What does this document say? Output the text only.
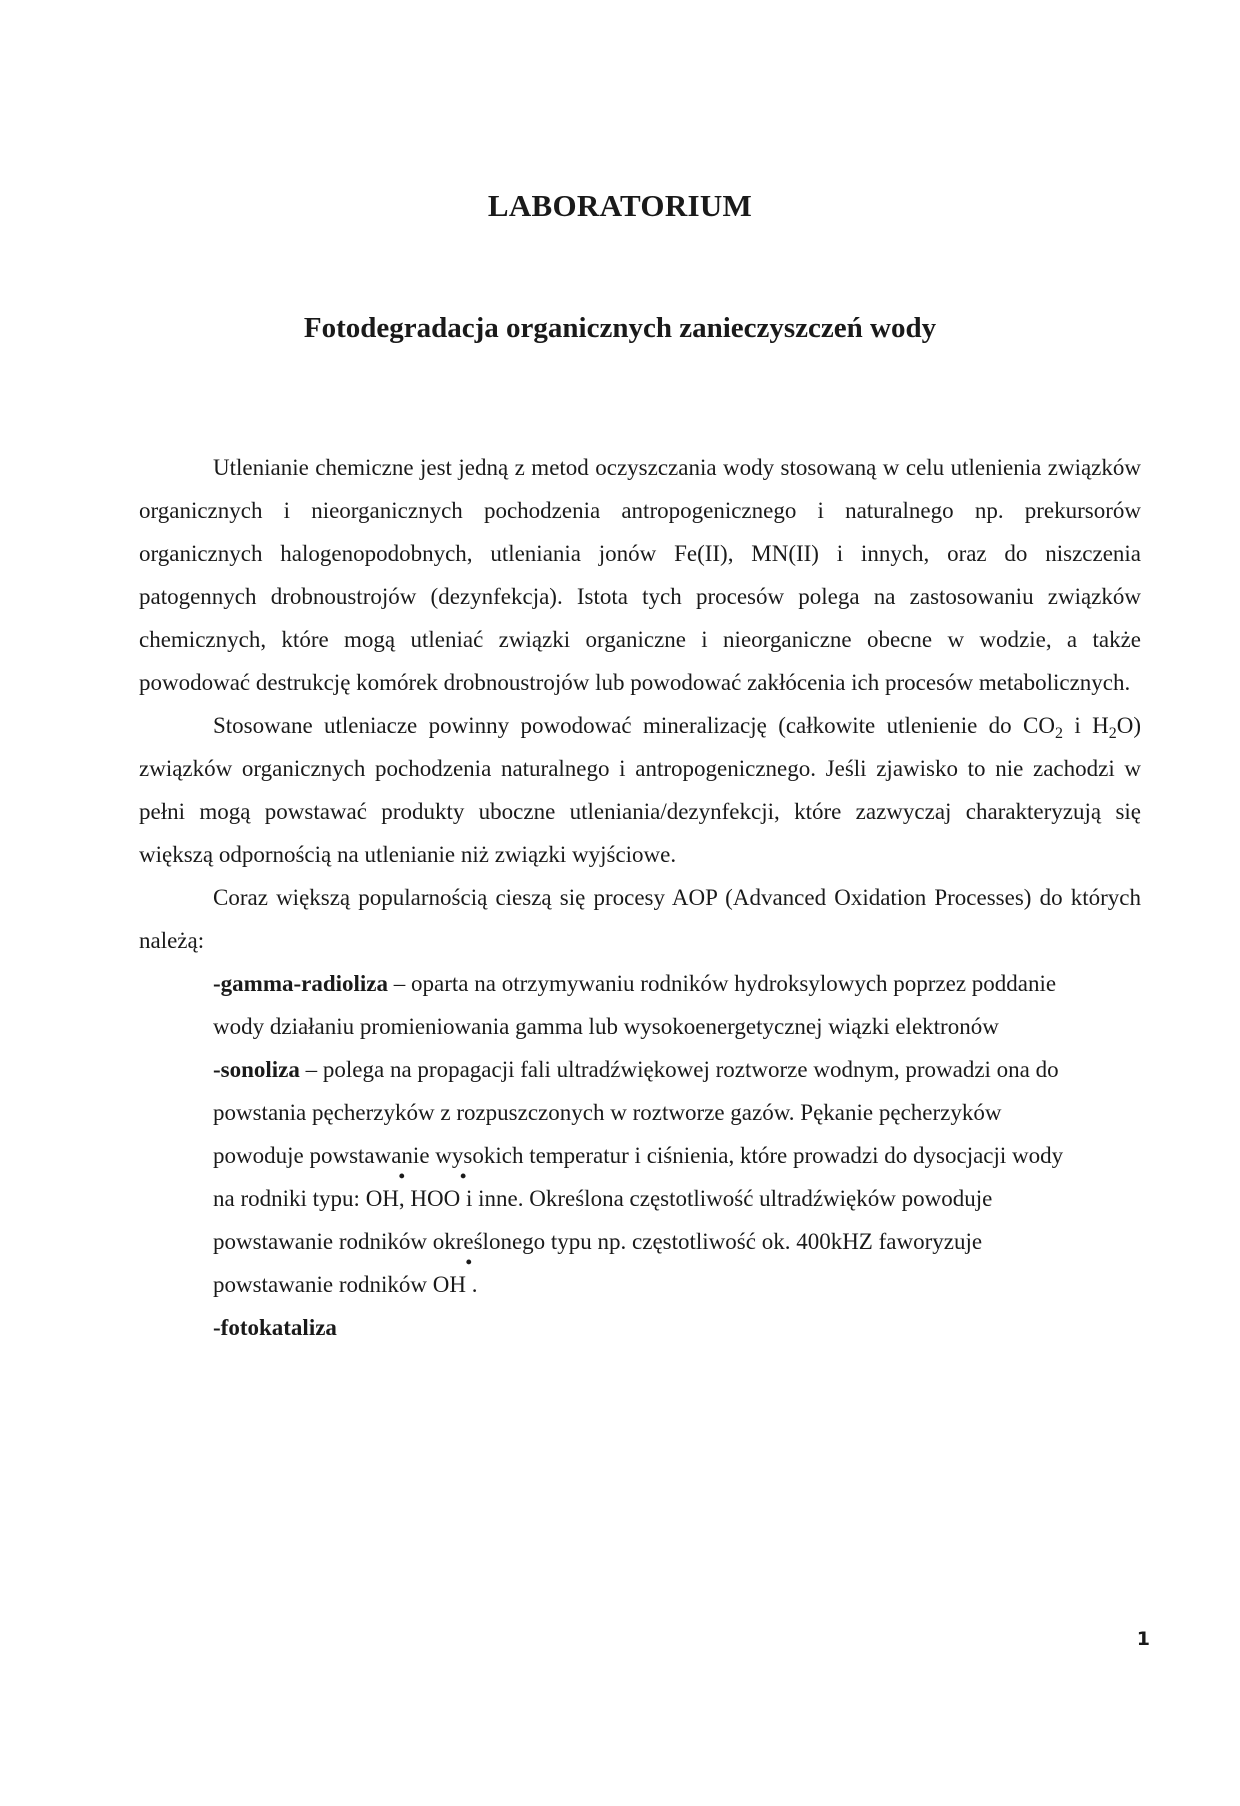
LABORATORIUM
Fotodegradacja organicznych zanieczyszczeń wody

Utlenianie chemiczne jest jedną z metod oczyszczania wody stosowaną w celu utlenienia związków organicznych i nieorganicznych pochodzenia antropogenicznego i naturalnego np. prekursorów organicznych halogenopodobnych, utleniania jonów Fe(II), MN(II) i innych, oraz do niszczenia patogennych drobnoustrojów (dezynfekcja). Istota tych procesów polega na zastosowaniu związków chemicznych, które mogą utleniać związki organiczne i nieorganiczne obecne w wodzie, a także powodować destrukcję komórek drobnoustrojów lub powodować zakłócenia ich procesów metabolicznych.

Stosowane utleniacze powinny powodować mineralizację (całkowite utlenienie do $CO_2$ i $H_2O$) związków organicznych pochodzenia naturalnego i antropogenicznego. Jeśli zjawisko to nie zachodzi w pełni mogą powstawać produkty uboczne utleniania/dezynfekcji, które zazwyczaj charakteryzują się większą odpornością na utlenianie niż związki wyjściowe.

Coraz większą popularnością cieszą się procesy AOP (Advanced Oxidation Processes) do których należą:

-gamma-radioliza – oparta na otrzymywaniu rodników hydroksylowych poprzez poddanie wody działaniu promieniowania gamma lub wysokoenergetycznej wiązki elektronów
-sonoliza – polega na propagacji fali ultradźwiękowej roztworze wodnym, prowadzi ona do powstania pęcherzyków z rozpuszczonych w roztworze gazów. Pękanie pęcherzyków powoduje powstawanie wysokich temperatur i ciśnienia, które prowadzi do dysocjacji wody na rodniki typu: OH
•
, HOO
•
i inne. Określona częstotliwość ultradźwięków powoduje powstawanie rodników określonego typu np. częstotliwość ok. 400kHZ faworyzuje powstawanie rodników OH
•
.
-fotokataliza
1
